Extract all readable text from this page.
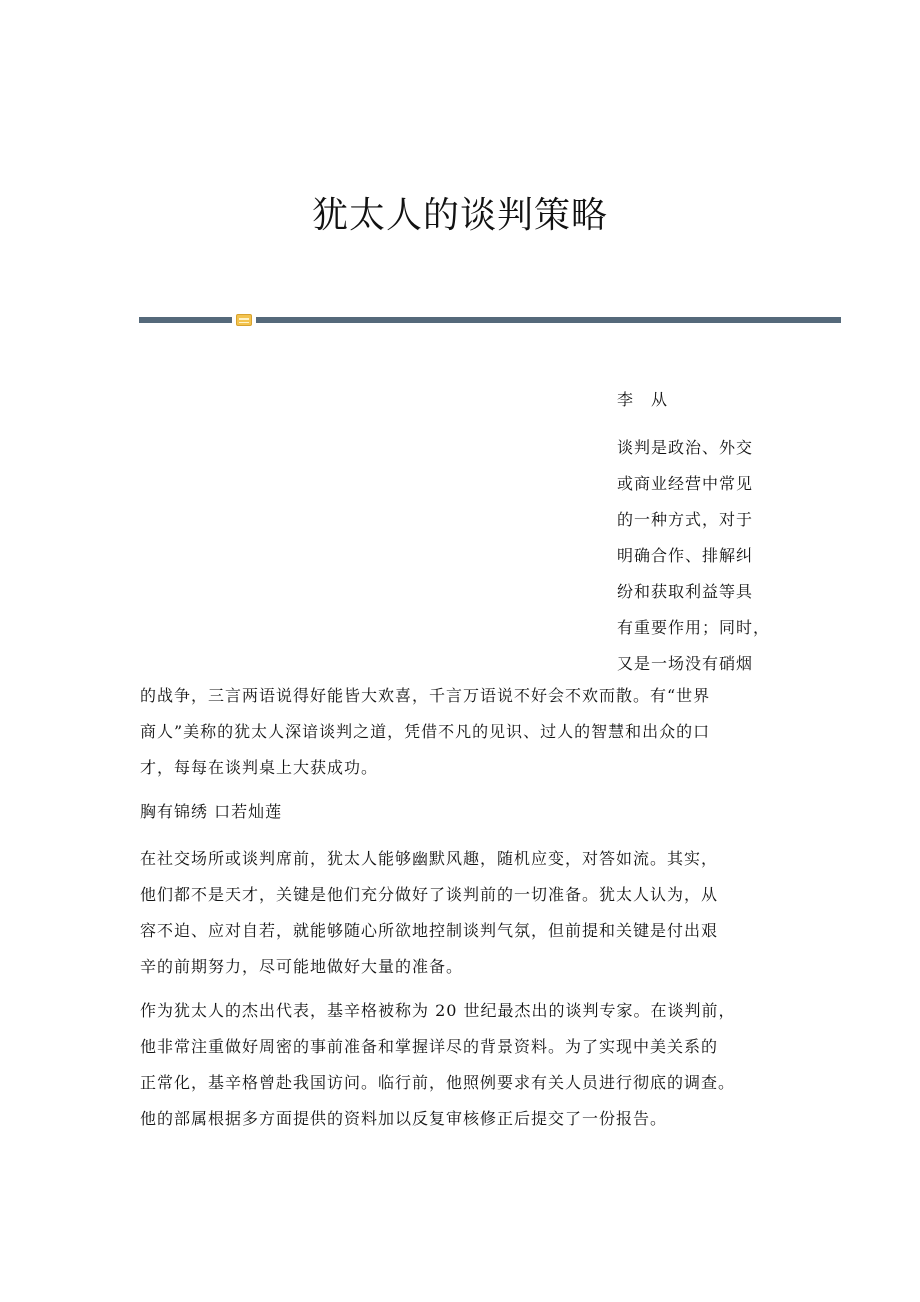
犹太人的谈判策略
李　从
谈判是政治、外交
或商业经营中常见
的一种方式，对于
明确合作、排解纠
纷和获取利益等具
有重要作用；同时，
又是一场没有硝烟
的战争，三言两语说得好能皆大欢喜，千言万语说不好会不欢而散。有“世界
商人”美称的犹太人深谙谈判之道，凭借不凡的见识、过人的智慧和出众的口
才，每每在谈判桌上大获成功。
胸有锦绣 口若灿莲
在社交场所或谈判席前，犹太人能够幽默风趣，随机应变，对答如流。其实，
他们都不是天才，关键是他们充分做好了谈判前的一切准备。犹太人认为，从
容不迫、应对自若，就能够随心所欲地控制谈判气氛，但前提和关键是付出艰
辛的前期努力，尽可能地做好大量的准备。
作为犹太人的杰出代表，基辛格被称为 20 世纪最杰出的谈判专家。在谈判前，
他非常注重做好周密的事前准备和掌握详尽的背景资料。为了实现中美关系的
正常化，基辛格曾赴我国访问。临行前，他照例要求有关人员进行彻底的调查。
他的部属根据多方面提供的资料加以反复审核修正后提交了一份报告。
